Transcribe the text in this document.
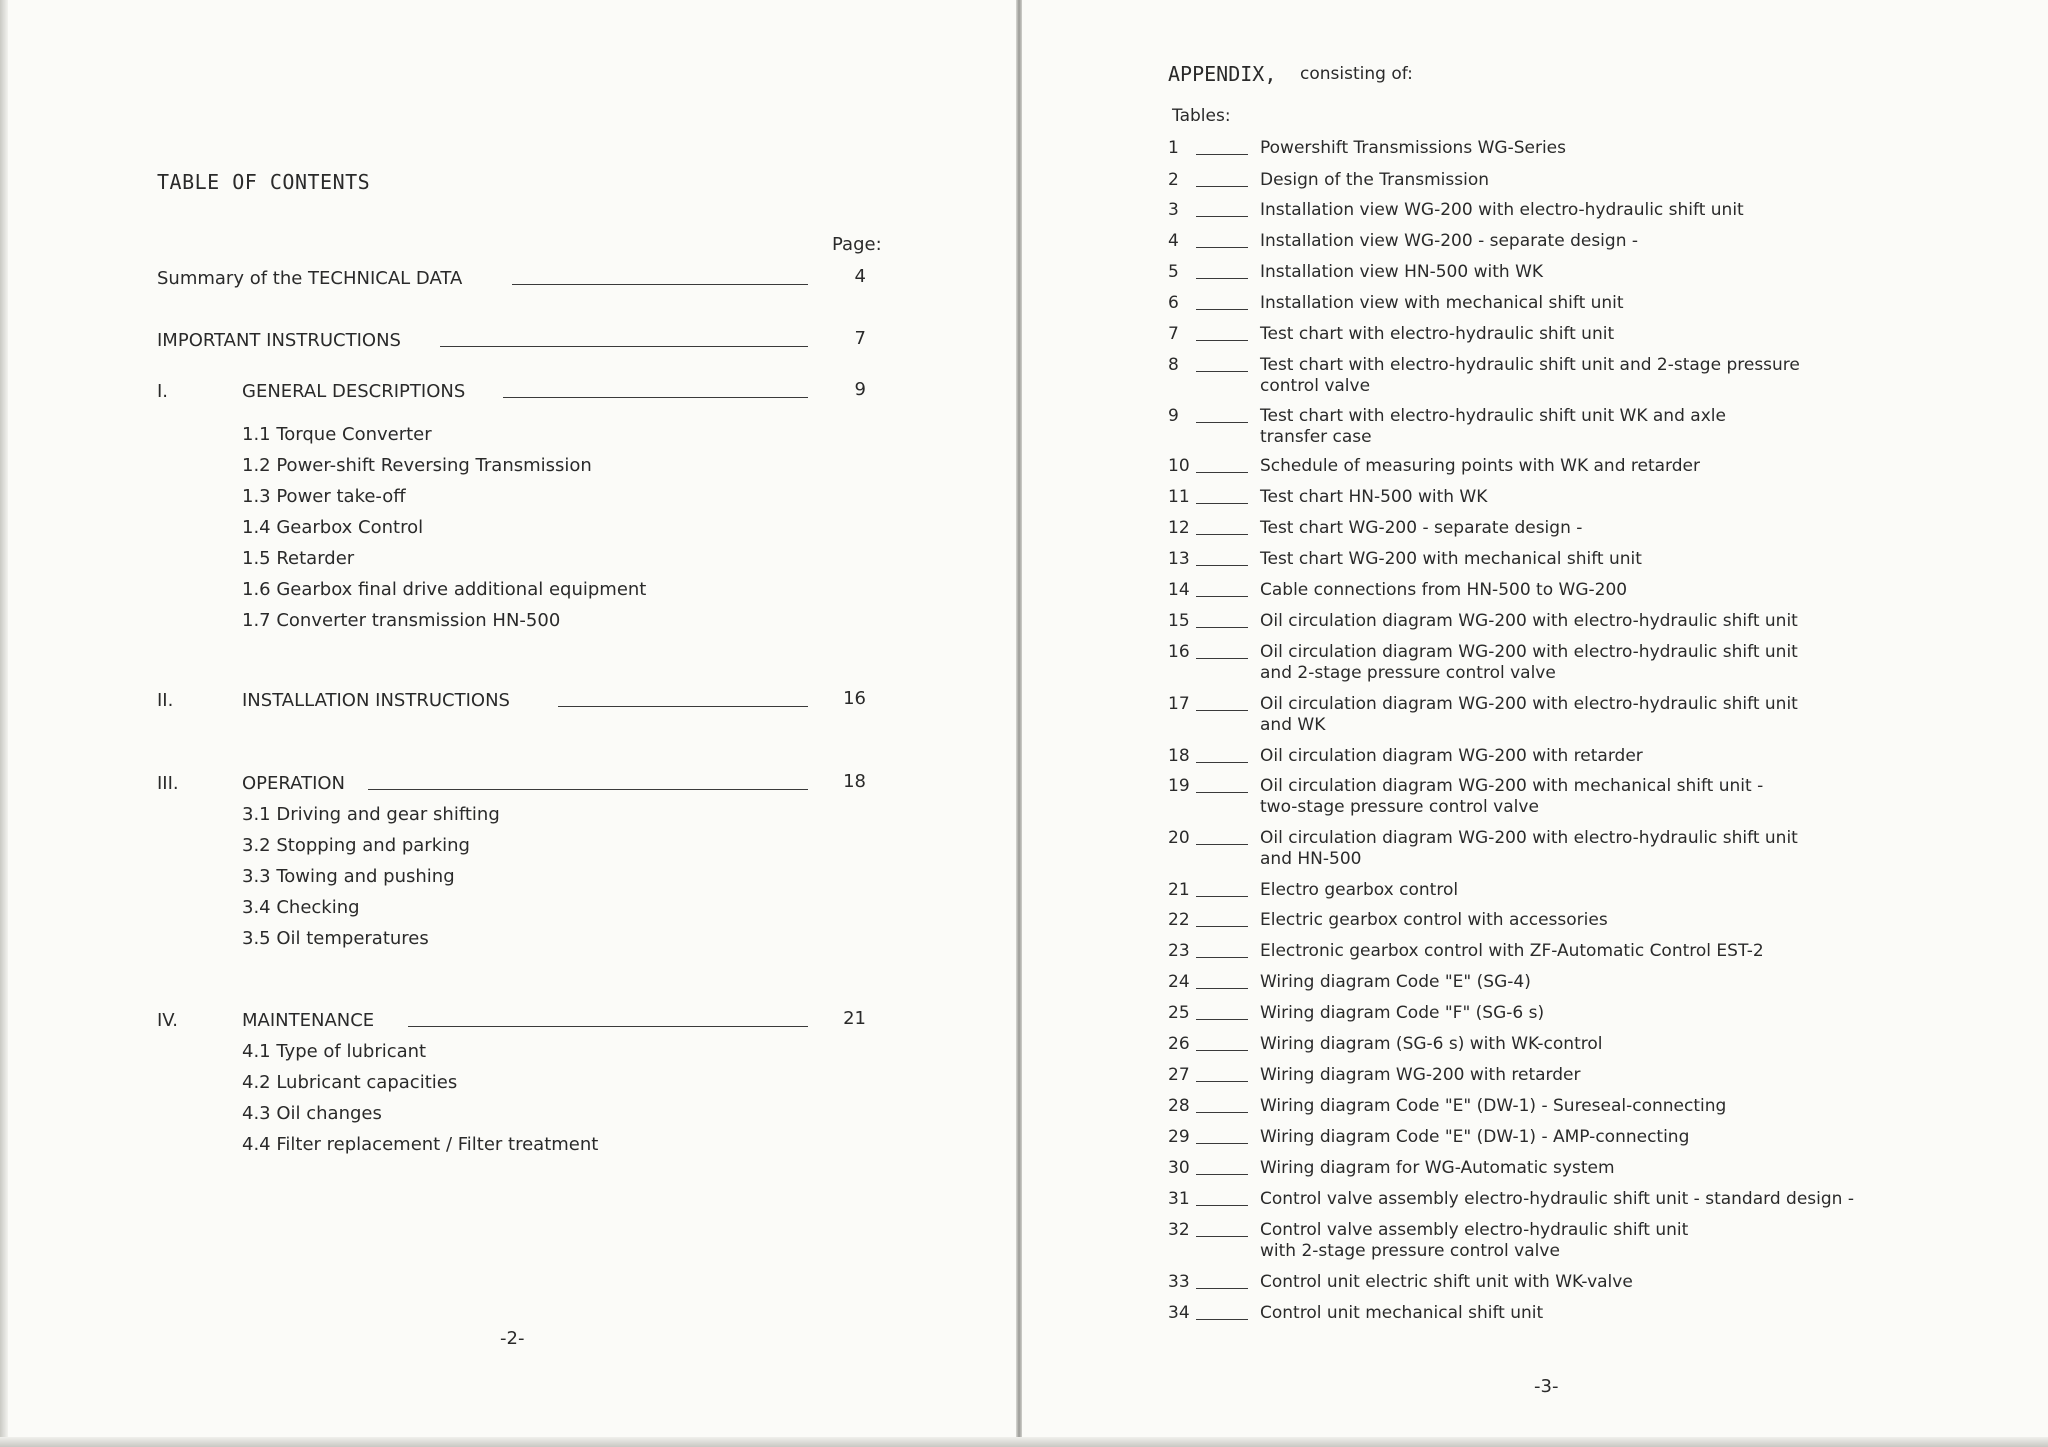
TABLE OF CONTENTS
Page:
Summary of the TECHNICAL DATA	4
IMPORTANT INSTRUCTIONS	7
I.	GENERAL DESCRIPTIONS	9
1.1 Torque Converter
1.2 Power-shift Reversing Transmission
1.3 Power take-off
1.4 Gearbox Control
1.5 Retarder
1.6 Gearbox final drive additional equipment
1.7 Converter transmission HN-500
II.	INSTALLATION INSTRUCTIONS	16
III.	OPERATION	18
3.1 Driving and gear shifting
3.2 Stopping and parking
3.3 Towing and pushing
3.4 Checking
3.5 Oil temperatures
IV.	MAINTENANCE	21
4.1 Type of lubricant
4.2 Lubricant capacities
4.3 Oil changes
4.4 Filter replacement / Filter treatment
-2-
APPENDIX, consisting of:
Tables:
-3-
1	Powershift Transmissions WG-Series
2	Design of the Transmission
3	Installation view WG-200 with electro-hydraulic shift unit
4	Installation view WG-200 - separate design -
5	Installation view HN-500 with WK
6	Installation view with mechanical shift unit
7	Test chart with electro-hydraulic shift unit
8	Test chart with electro-hydraulic shift unit and 2-stage pressure
control valve
9	Test chart with electro-hydraulic shift unit WK and axle
transfer case
10	Schedule of measuring points with WK and retarder
11	Test chart HN-500 with WK
12	Test chart WG-200 - separate design -
13	Test chart WG-200 with mechanical shift unit
14	Cable connections from HN-500 to WG-200
15	Oil circulation diagram WG-200 with electro-hydraulic shift unit
16	Oil circulation diagram WG-200 with electro-hydraulic shift unit
and 2-stage pressure control valve
17	Oil circulation diagram WG-200 with electro-hydraulic shift unit
and WK
18	Oil circulation diagram WG-200 with retarder
19	Oil circulation diagram WG-200 with mechanical shift unit -
two-stage pressure control valve
20	Oil circulation diagram WG-200 with electro-hydraulic shift unit
and HN-500
21	Electro gearbox control
22	Electric gearbox control with accessories
23	Electronic gearbox control with ZF-Automatic Control EST-2
24	Wiring diagram Code "E" (SG-4)
25	Wiring diagram Code "F" (SG-6 s)
26	Wiring diagram (SG-6 s) with WK-control
27	Wiring diagram WG-200 with retarder
28	Wiring diagram Code "E" (DW-1) - Sureseal-connecting
29	Wiring diagram Code "E" (DW-1) - AMP-connecting
30	Wiring diagram for WG-Automatic system
31	Control valve assembly electro-hydraulic shift unit - standard design -
32	Control valve assembly electro-hydraulic shift unit
with 2-stage pressure control valve
33	Control unit electric shift unit with WK-valve
34	Control unit mechanical shift unit
